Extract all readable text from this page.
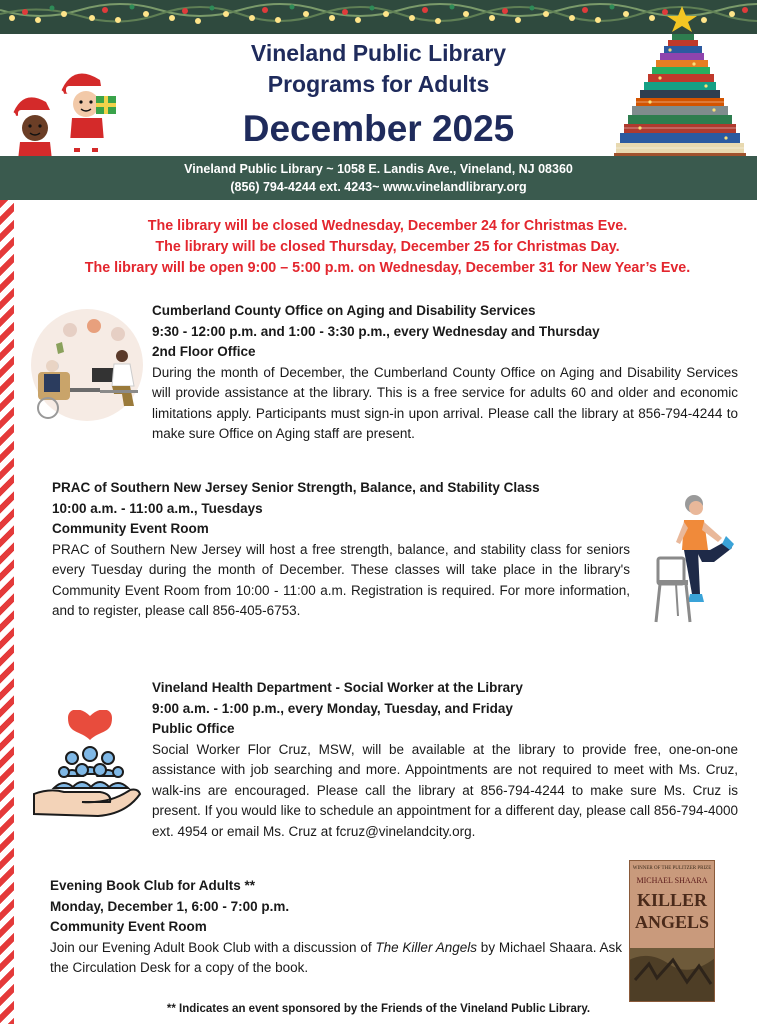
Vineland Public Library
Programs for Adults
December 2025
Vineland Public Library ~ 1058 E. Landis Ave., Vineland, NJ 08360
(856) 794-4244 ext. 4243~ www.vinelandlibrary.org
The library will be closed Wednesday, December 24 for Christmas Eve.
The library will be closed Thursday, December 25 for Christmas Day.
The library will be open 9:00 – 5:00 p.m. on Wednesday, December 31 for New Year’s Eve.
Cumberland County Office on Aging and Disability Services
9:30 - 12:00 p.m. and 1:00 - 3:30 p.m., every Wednesday and Thursday
2nd Floor Office
During the month of December, the Cumberland County Office on Aging and Disability Services will provide assistance at the library. This is a free service for adults 60 and older and economic limitations apply. Participants must sign-in upon arrival. Please call the library at 856-794-4244 to make sure Office on Aging staff are present.
PRAC of Southern New Jersey Senior Strength, Balance, and Stability Class
10:00 a.m. - 11:00 a.m., Tuesdays
Community Event Room
PRAC of Southern New Jersey will host a free strength, balance, and stability class for seniors every Tuesday during the month of December. These classes will take place in the library's Community Event Room from 10:00 - 11:00 a.m. Registration is required. For more information, and to register, please call 856-405-6753.
Vineland Health Department - Social Worker at the Library
9:00 a.m. - 1:00 p.m., every Monday, Tuesday, and Friday
Public Office
Social Worker Flor Cruz, MSW, will be available at the library to provide free, one-on-one assistance with job searching and more. Appointments are not required to meet with Ms. Cruz, walk-ins are encouraged. Please call the library at 856-794-4244 to make sure Ms. Cruz is present. If you would like to schedule an appointment for a different day, please call 856-794-4000 ext. 4954 or email Ms. Cruz at fcruz@vinelandcity.org.
Evening Book Club for Adults **
Monday, December 1, 6:00 - 7:00 p.m.
Community Event Room
Join our Evening Adult Book Club with a discussion of The Killer Angels by Michael Shaara. Ask the Circulation Desk for a copy of the book.
WINNER OF THE PULITZER PRIZE
MICHAEL SHAARA
KILLER
ANGELS
** Indicates an event sponsored by the Friends of the Vineland Public Library.
